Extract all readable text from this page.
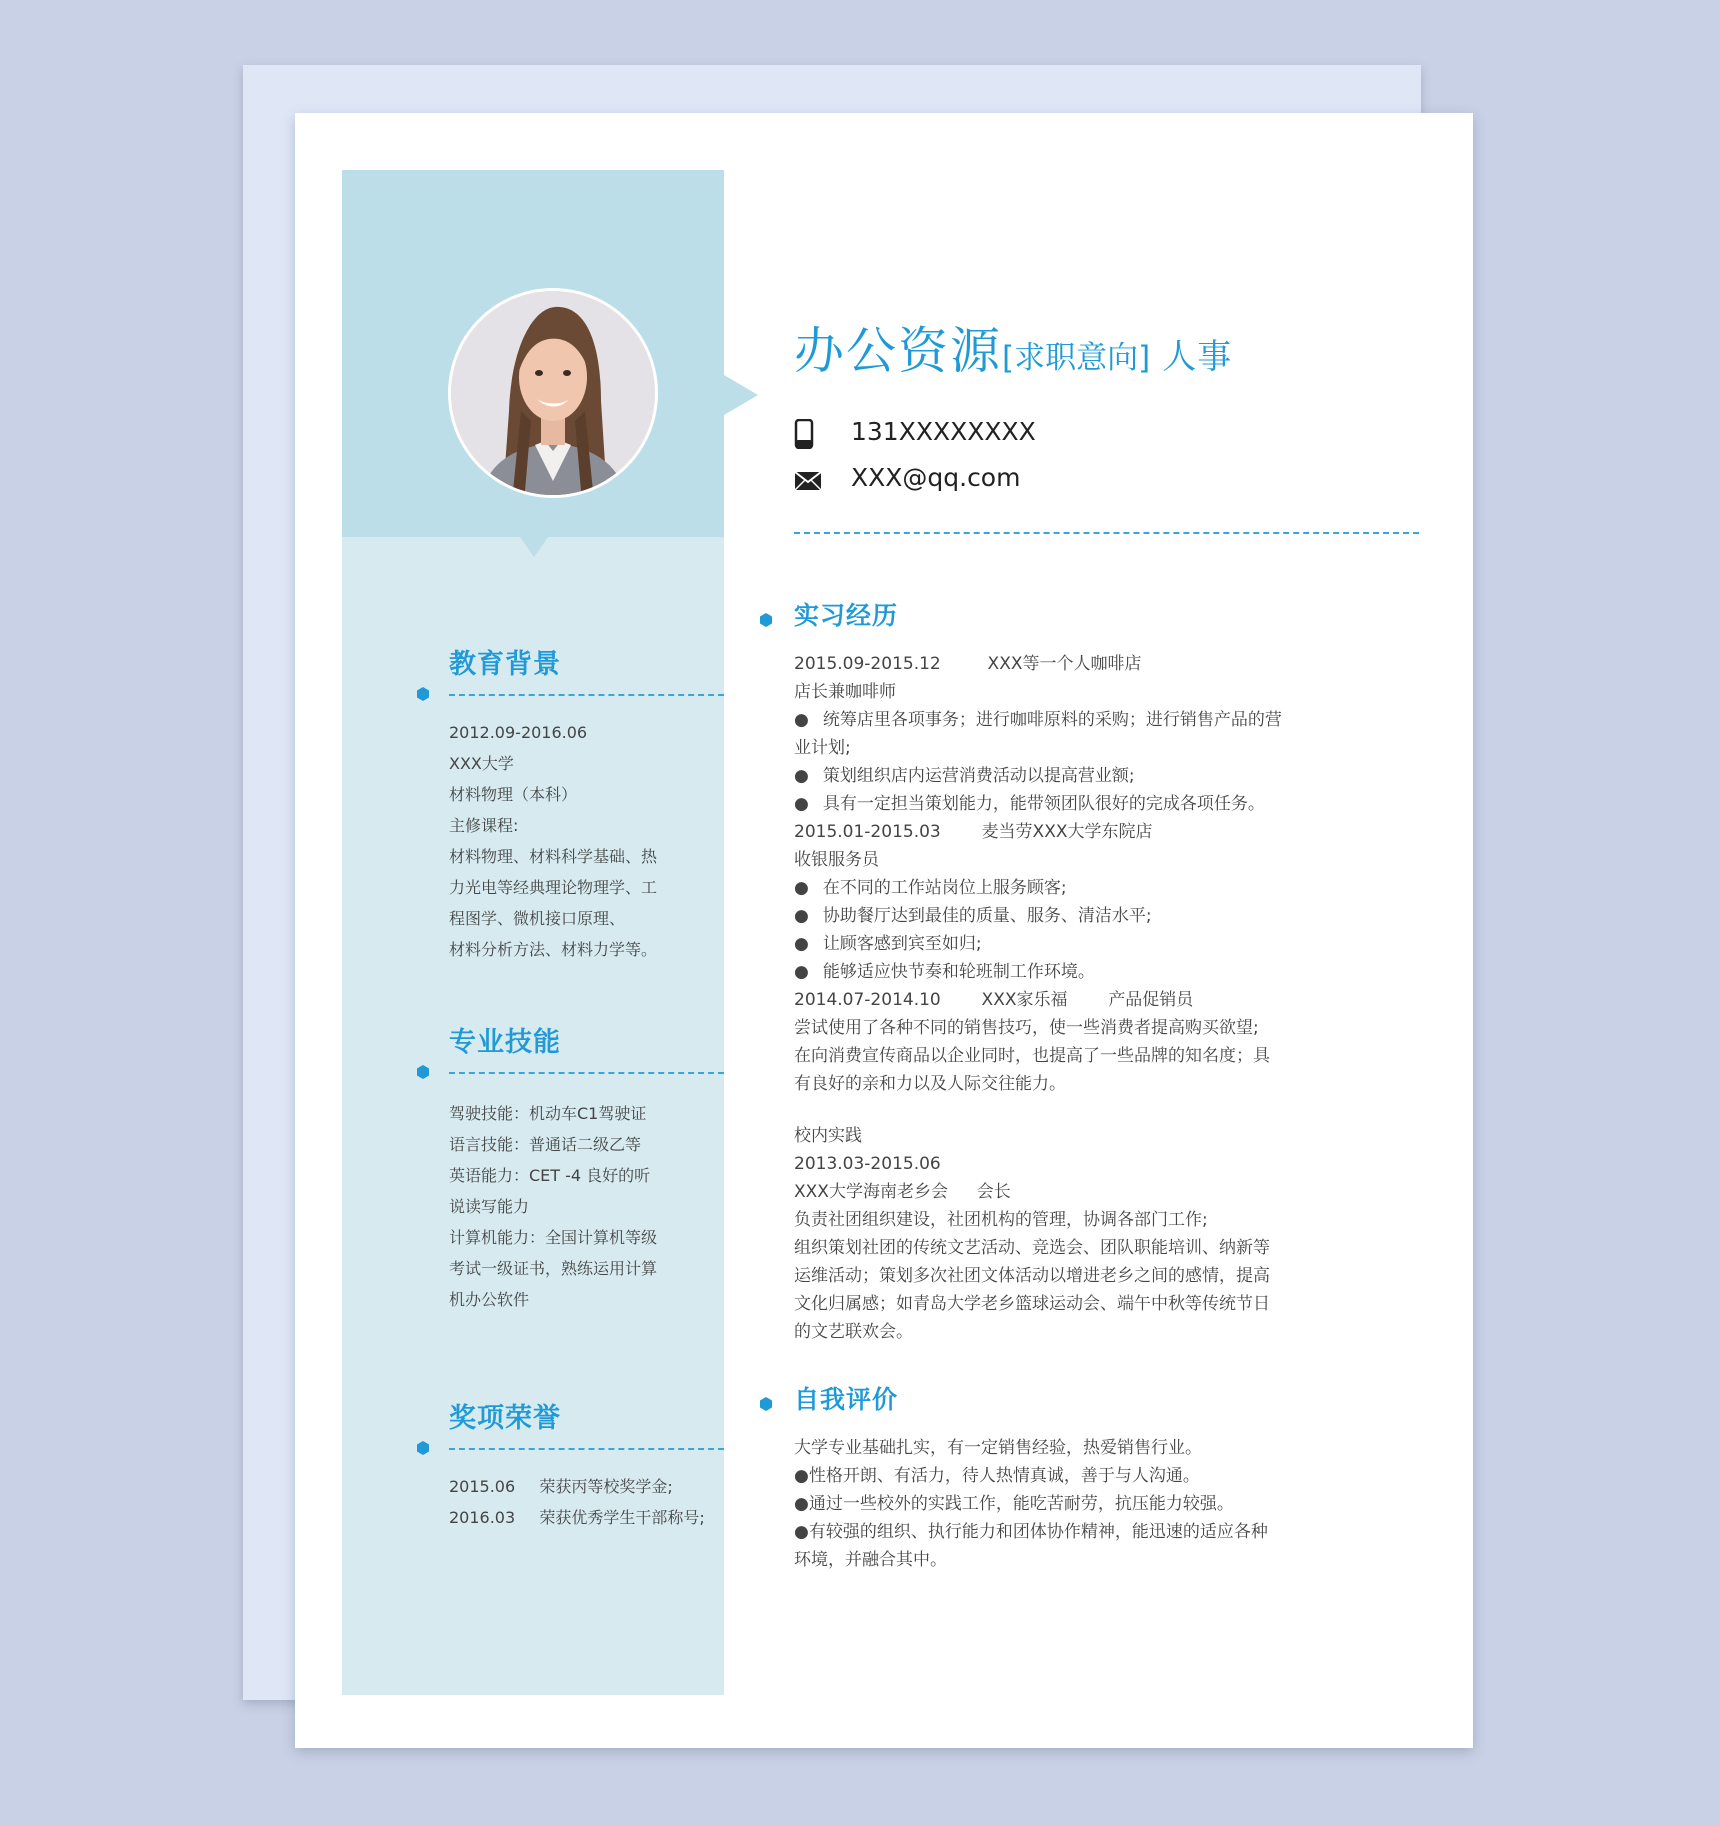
教育背景
2012.09-2016.06
XXX大学
材料物理（本科）
主修课程:
材料物理、材料科学基础、热
力光电等经典理论物理学、工
程图学、微机接口原理、
材料分析方法、材料力学等。
专业技能
驾驶技能：机动车C1驾驶证
语言技能：普通话二级乙等
英语能力：CET -4 良好的听
说读写能力
计算机能力：全国计算机等级
考试一级证书，熟练运用计算
机办公软件
奖项荣誉
2015.06 荣获丙等校奖学金;
2016.03 荣获优秀学生干部称号;
办公资源[求职意向] 人事
131XXXXXXXX
XXX@qq.com
实习经历
2015.09-2015.12	XXX等一个人咖啡店
店长兼咖啡师
● 统筹店里各项事务；进行咖啡原料的采购；进行销售产品的营
业计划;
● 策划组织店内运营消费活动以提高营业额;
● 具有一定担当策划能力，能带领团队很好的完成各项任务。
2015.01-2015.03 麦当劳XXX大学东院店
收银服务员
● 在不同的工作站岗位上服务顾客;
● 协助餐厅达到最佳的质量、服务、清洁水平;
● 让顾客感到宾至如归;
● 能够适应快节奏和轮班制工作环境。
2014.07-2014.10 XXX家乐福 产品促销员
尝试使用了各种不同的销售技巧，使一些消费者提高购买欲望;
在向消费宣传商品以企业同时，也提高了一些品牌的知名度；具
有良好的亲和力以及人际交往能力。
校内实践
2013.03-2015.06
XXX大学海南老乡会 会长
负责社团组织建设，社团机构的管理，协调各部门工作;
组织策划社团的传统文艺活动、竞选会、团队职能培训、纳新等
运维活动；策划多次社团文体活动以增进老乡之间的感情，提高
文化归属感；如青岛大学老乡篮球运动会、端午中秋等传统节日
的文艺联欢会。
自我评价
大学专业基础扎实，有一定销售经验，热爱销售行业。
●性格开朗、有活力，待人热情真诚，善于与人沟通。
●通过一些校外的实践工作，能吃苦耐劳，抗压能力较强。
●有较强的组织、执行能力和团体协作精神，能迅速的适应各种
环境，并融合其中。
